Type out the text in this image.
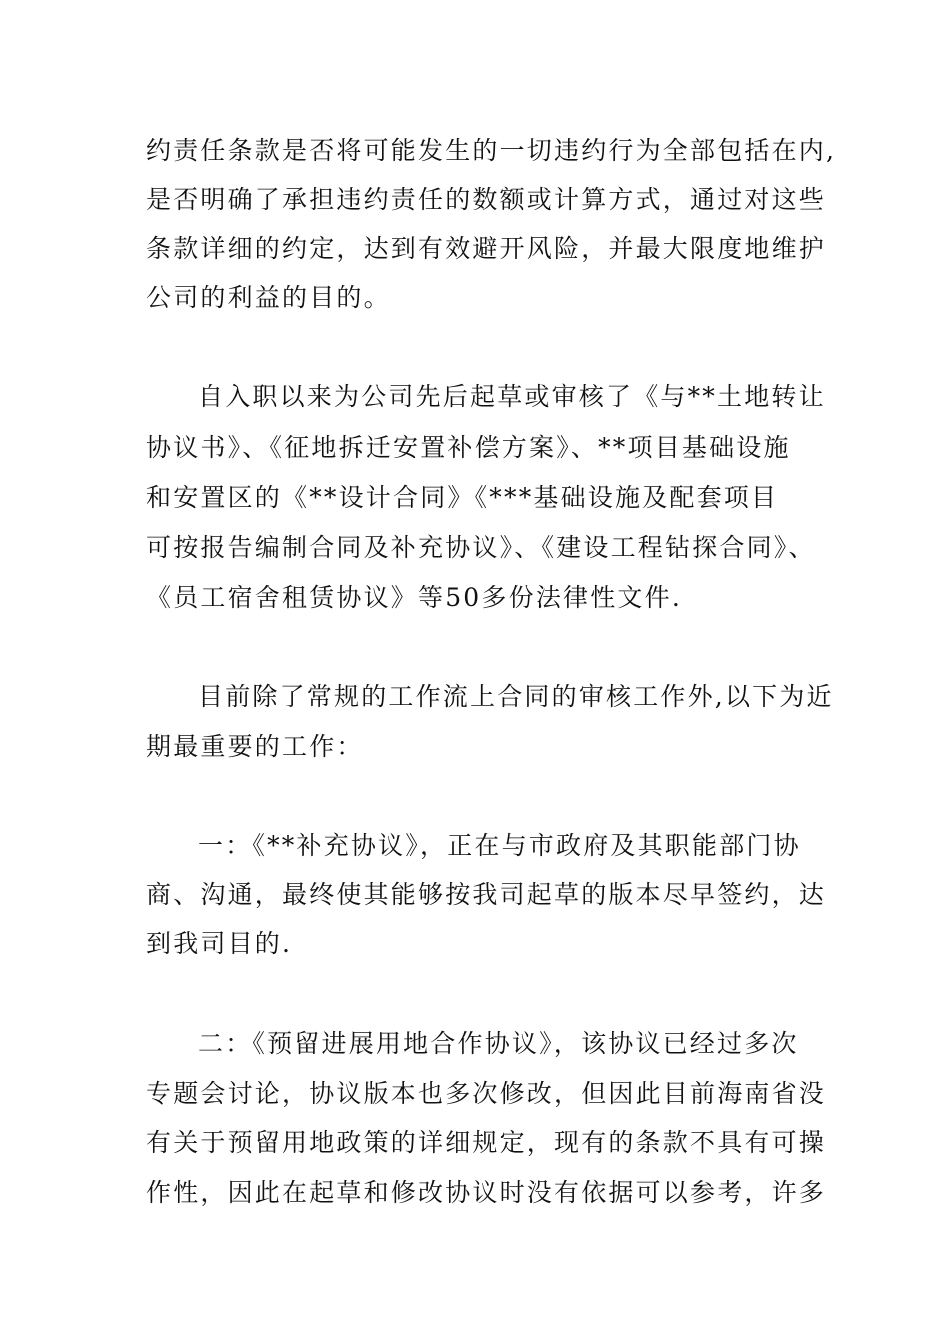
约责任条款是否将可能发生的一切违约行为全部包括在内,
是否明确了承担违约责任的数额或计算方式，通过对这些
条款详细的约定，达到有效避开风险，并最大限度地维护
公司的利益的目的。
自入职以来为公司先后起草或审核了《与**土地转让
协议书》、《征地拆迁安置补偿方案》、**项目基础设施
和安置区的《**设计合同》《***基础设施及配套项目
可按报告编制合同及补充协议》、《建设工程钻探合同》、
《员工宿舍租赁协议》等50多份法律性文件.
目前除了常规的工作流上合同的审核工作外,以下为近
期最重要的工作：
一：《**补充协议》，正在与市政府及其职能部门协
商、沟通，最终使其能够按我司起草的版本尽早签约，达
到我司目的.
二：《预留进展用地合作协议》，该协议已经过多次
专题会讨论，协议版本也多次修改，但因此目前海南省没
有关于预留用地政策的详细规定，现有的条款不具有可操
作性，因此在起草和修改协议时没有依据可以参考，许多
